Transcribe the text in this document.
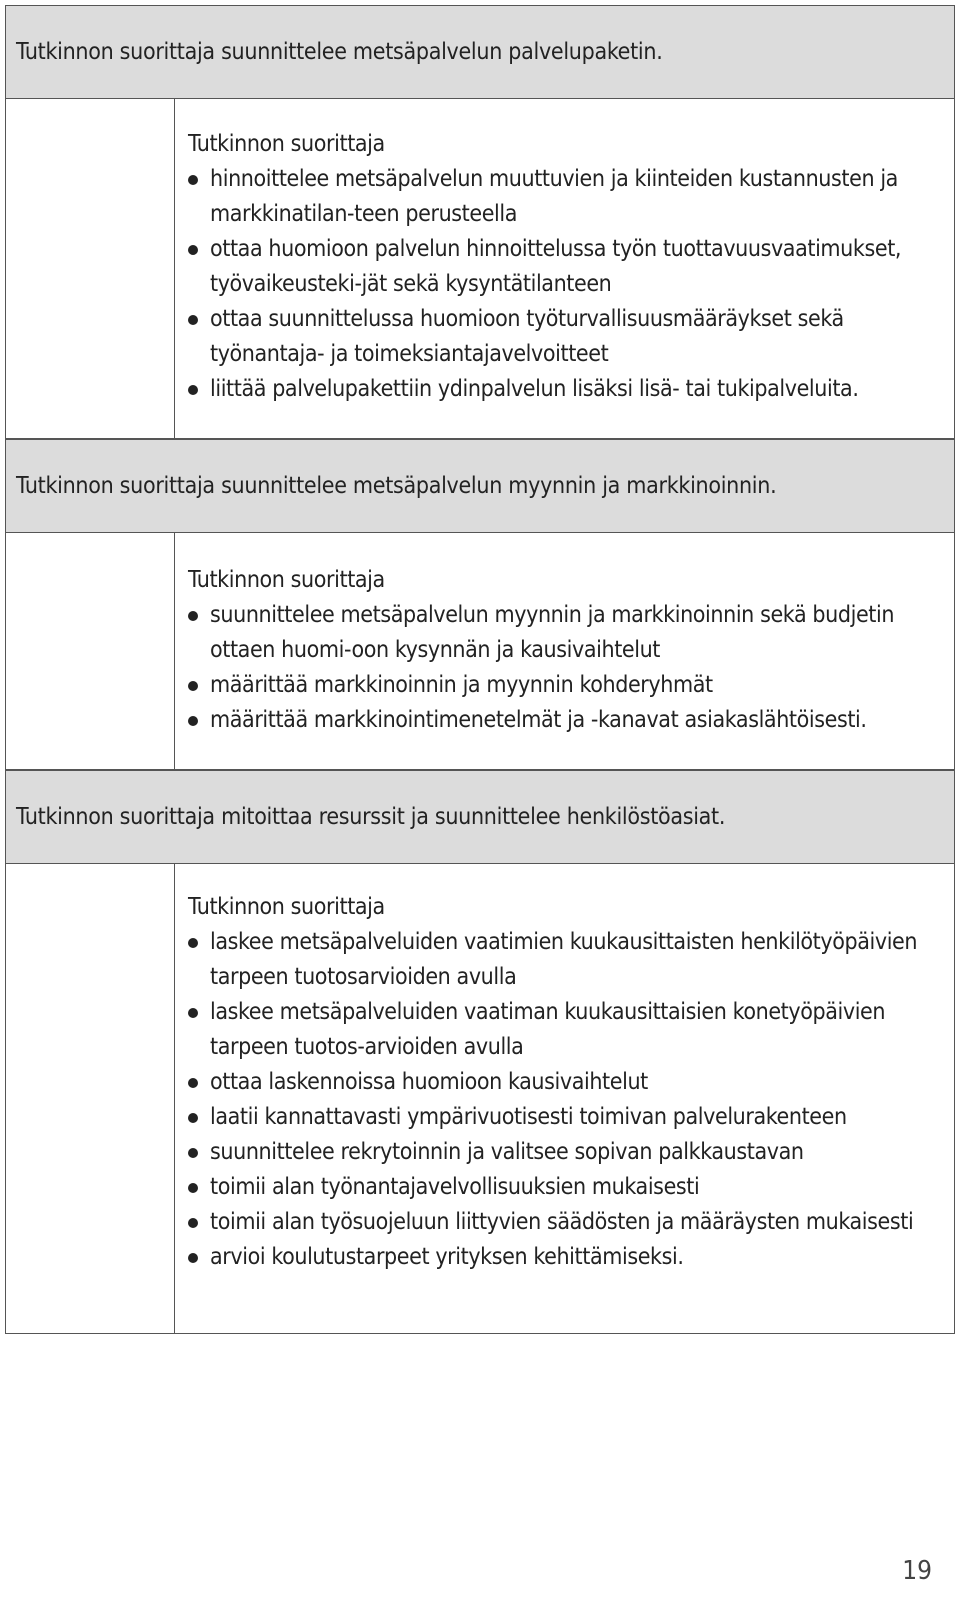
Tutkinnon suorittaja suunnittelee metsäpalvelun palvelupaketin.

Tutkinnon suorittaja

hinnoittelee metsäpalvelun muuttuvien ja kiinteiden kustannusten ja markkinatilan-teen perusteella
ottaa huomioon palvelun hinnoittelussa työn tuottavuusvaatimukset, työvaikeusteki-jät sekä kysyntätilanteen
ottaa suunnittelussa huomioon työturvallisuusmääräykset sekä työnantaja- ja toimeksiantajavelvoitteet
liittää palvelupakettiin ydinpalvelun lisäksi lisä- tai tukipalveluita.
Tutkinnon suorittaja suunnittelee metsäpalvelun myynnin ja markkinoinnin.

Tutkinnon suorittaja

suunnittelee metsäpalvelun myynnin ja markkinoinnin sekä budjetin ottaen huomi-oon kysynnän ja kausivaihtelut
määrittää markkinoinnin ja myynnin kohderyhmät
määrittää markkinointimenetelmät ja -kanavat asiakaslähtöisesti.
Tutkinnon suorittaja mitoittaa resurssit ja suunnittelee henkilöstöasiat.

Tutkinnon suorittaja

laskee metsäpalveluiden vaatimien kuukausittaisten henkilötyöpäivien tarpeen tuotosarvioiden avulla
laskee metsäpalveluiden vaatiman kuukausittaisien konetyöpäivien tarpeen tuotos-arvioiden avulla
ottaa laskennoissa huomioon kausivaihtelut
laatii kannattavasti ympärivuotisesti toimivan palvelurakenteen
suunnittelee rekrytoinnin ja valitsee sopivan palkkaustavan
toimii alan työnantajavelvollisuuksien mukaisesti
toimii alan työsuojeluun liittyvien säädösten ja määräysten mukaisesti
arvioi koulutustarpeet yrityksen kehittämiseksi.
19
